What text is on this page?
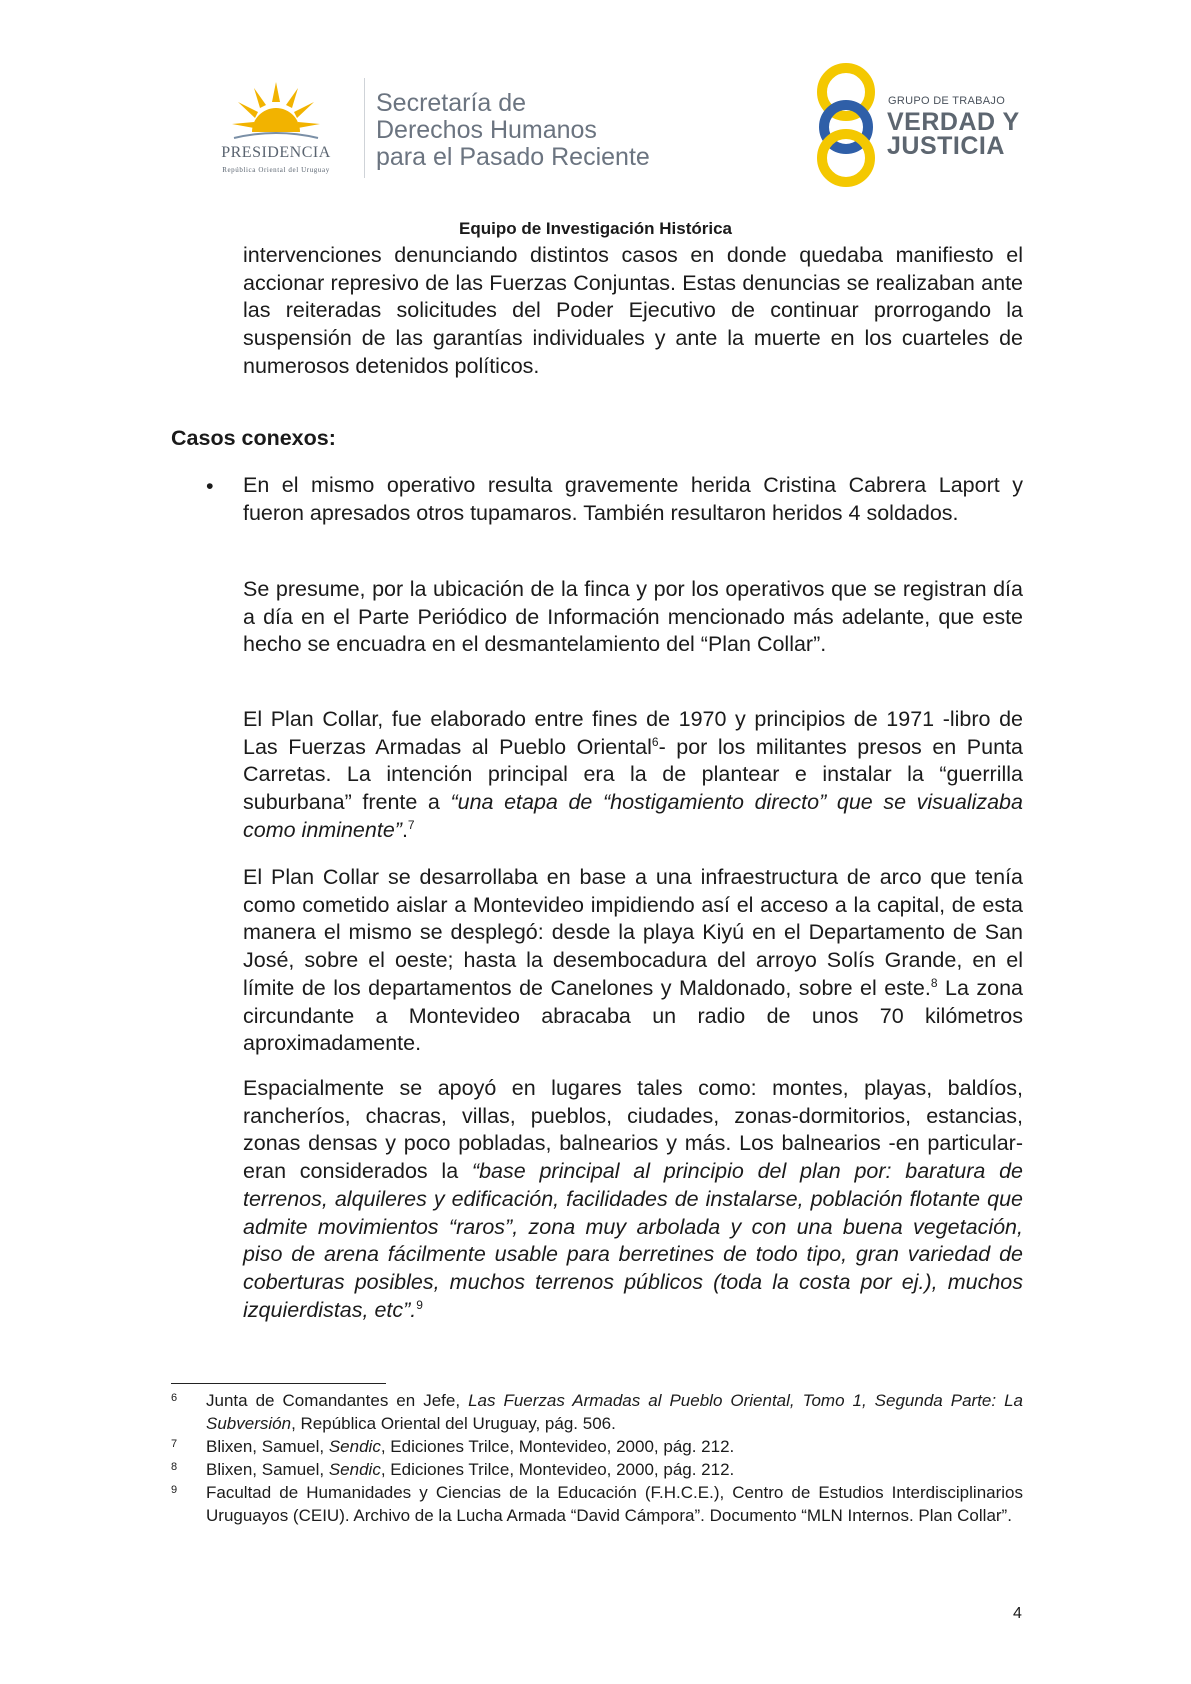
PRESIDENCIA
República Oriental del Uruguay
Secretaría de
Derechos Humanos
para el Pasado Reciente
GRUPO DE TRABAJO
VERDAD Y
JUSTICIA
Equipo de Investigación Histórica
intervenciones denunciando distintos casos en donde quedaba manifiesto el accionar represivo de las Fuerzas Conjuntas. Estas denuncias se realizaban ante las reiteradas solicitudes del Poder Ejecutivo de continuar prorrogando la suspensión de las garantías individuales y ante la muerte en los cuarteles de numerosos detenidos políticos.
Casos conexos:
• En el mismo operativo resulta gravemente herida Cristina Cabrera Laport y fueron apresados otros tupamaros. También resultaron heridos 4 soldados.
Se presume, por la ubicación de la finca y por los operativos que se registran día a día en el Parte Periódico de Información mencionado más adelante, que este hecho se encuadra en el desmantelamiento del “Plan Collar”.
El Plan Collar, fue elaborado entre fines de 1970 y principios de 1971 -libro de Las Fuerzas Armadas al Pueblo Oriental$^6$- por los militantes presos en Punta Carretas. La intención principal era la de plantear e instalar la “guerrilla suburbana” frente a “una etapa de “hostigamiento directo” que se visualizaba como inminente”.$^7$
El Plan Collar se desarrollaba en base a una infraestructura de arco que tenía como cometido aislar a Montevideo impidiendo así el acceso a la capital, de esta manera el mismo se desplegó: desde la playa Kiyú en el Departamento de San José, sobre el oeste; hasta la desembocadura del arroyo Solís Grande, en el límite de los departamentos de Canelones y Maldonado, sobre el este.$^8$ La zona circundante a Montevideo abracaba un radio de unos 70 kilómetros aproximadamente.
Espacialmente se apoyó en lugares tales como: montes, playas, baldíos, rancheríos, chacras, villas, pueblos, ciudades, zonas-dormitorios, estancias, zonas densas y poco pobladas, balnearios y más. Los balnearios -en particular- eran considerados la “base principal al principio del plan por: baratura de terrenos, alquileres y edificación, facilidades de instalarse, población flotante que admite movimientos “raros”, zona muy arbolada y con una buena vegetación, piso de arena fácilmente usable para berretines de todo tipo, gran variedad de coberturas posibles, muchos terrenos públicos (toda la costa por ej.), muchos izquierdistas, etc”.$^9$
6 Junta de Comandantes en Jefe, Las Fuerzas Armadas al Pueblo Oriental, Tomo 1, Segunda Parte: La Subversión, República Oriental del Uruguay, pág. 506.
7 Blixen, Samuel, Sendic, Ediciones Trilce, Montevideo, 2000, pág. 212.
8 Blixen, Samuel, Sendic, Ediciones Trilce, Montevideo, 2000, pág. 212.
9 Facultad de Humanidades y Ciencias de la Educación (F.H.C.E.), Centro de Estudios Interdisciplinarios Uruguayos (CEIU). Archivo de la Lucha Armada “David Cámpora”. Documento “MLN Internos. Plan Collar”.
4
